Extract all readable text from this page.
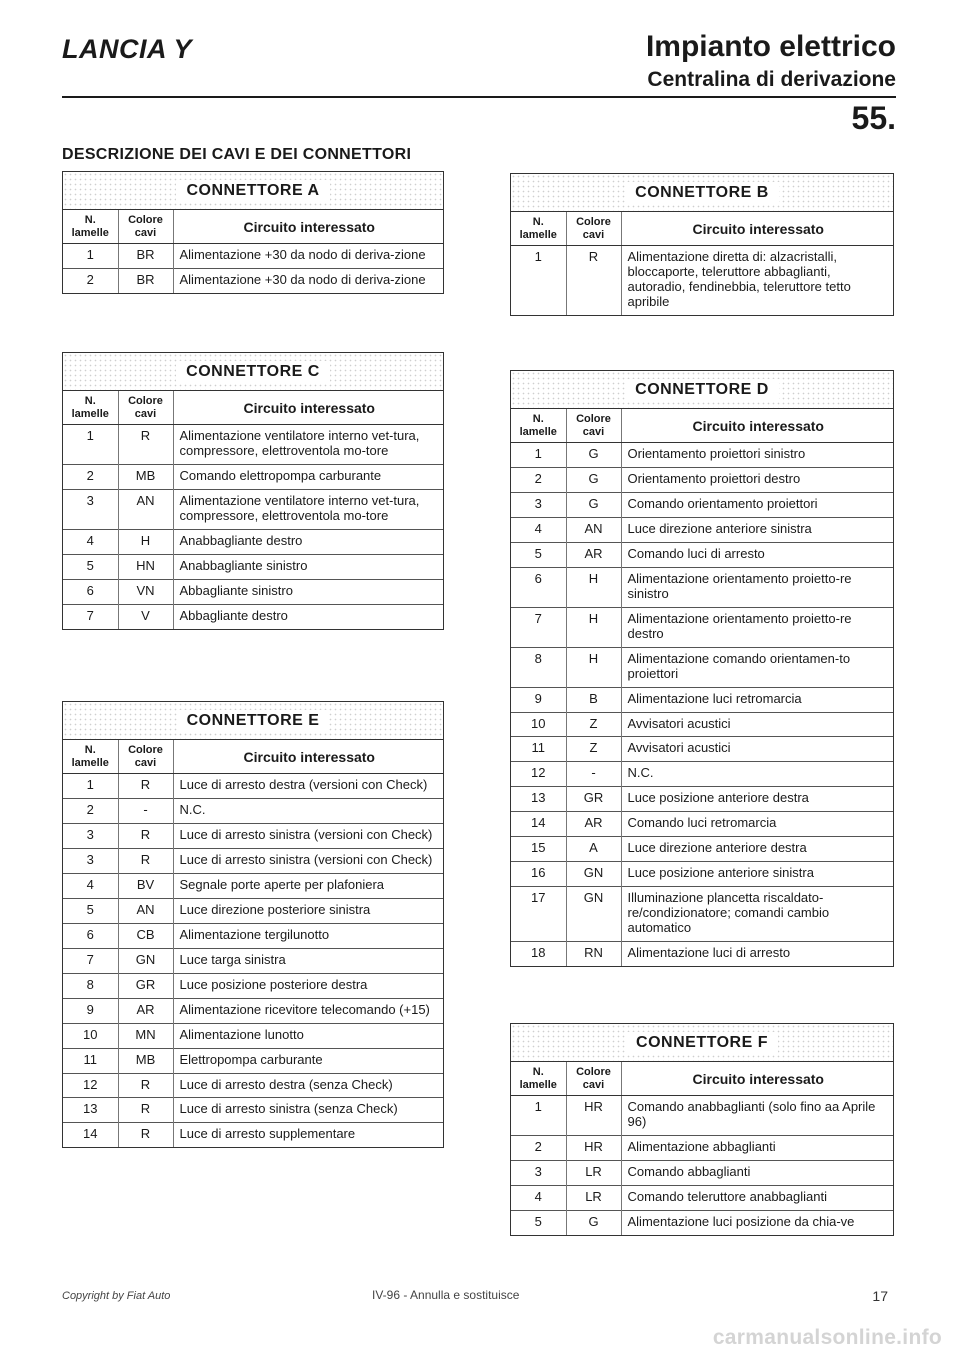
LANCIA Y	Impianto elettrico
Centralina di derivazione
55.
DESCRIZIONE DEI CAVI E DEI CONNETTORI
CONNETTORE A
N. lamelle	Colore cavi	Circuito interessato
1	BR	Alimentazione +30 da nodo di deriva-zione
2	BR	Alimentazione +30 da nodo di deriva-zione
CONNETTORE C
N. lamelle	Colore cavi	Circuito interessato
1	R	Alimentazione ventilatore interno vet-tura, compressore, elettroventola mo-tore
2	MB	Comando elettropompa carburante
3	AN	Alimentazione ventilatore interno vet-tura, compressore, elettroventola mo-tore
4	H	Anabbagliante destro
5	HN	Anabbagliante sinistro
6	VN	Abbagliante sinistro
7	V	Abbagliante destro
CONNETTORE E
N. lamelle	Colore cavi	Circuito interessato
1	R	Luce di arresto destra (versioni con Check)
2	-	N.C.
3	R	Luce di arresto sinistra (versioni con Check)
3	R	Luce di arresto sinistra (versioni con Check)
4	BV	Segnale porte aperte per plafoniera
5	AN	Luce direzione posteriore sinistra
6	CB	Alimentazione tergilunotto
7	GN	Luce targa sinistra
8	GR	Luce posizione posteriore destra
9	AR	Alimentazione ricevitore telecomando (+15)
10	MN	Alimentazione lunotto
11	MB	Elettropompa carburante
12	R	Luce di arresto destra (senza Check)
13	R	Luce di arresto sinistra (senza Check)
14	R	Luce di arresto supplementare
CONNETTORE B
N. lamelle	Colore cavi	Circuito interessato
1	R	Alimentazione diretta di: alzacristalli, bloccaporte, teleruttore abbaglianti, autoradio, fendinebbia, teleruttore tetto apribile
CONNETTORE D
N. lamelle	Colore cavi	Circuito interessato
1	G	Orientamento proiettori sinistro
2	G	Orientamento proiettori destro
3	G	Comando orientamento proiettori
4	AN	Luce direzione anteriore sinistra
5	AR	Comando luci di arresto
6	H	Alimentazione orientamento proietto-re sinistro
7	H	Alimentazione orientamento proietto-re destro
8	H	Alimentazione comando orientamen-to proiettori
9	B	Alimentazione luci retromarcia
10	Z	Avvisatori acustici
11	Z	Avvisatori acustici
12	-	N.C.
13	GR	Luce posizione anteriore destra
14	AR	Comando luci retromarcia
15	A	Luce direzione anteriore destra
16	GN	Luce posizione anteriore sinistra
17	GN	Illuminazione plancetta riscaldato-re/condizionatore; comandi cambio automatico
18	RN	Alimentazione luci di arresto
CONNETTORE F
N. lamelle	Colore cavi	Circuito interessato
1	HR	Comando anabbaglianti (solo fino aa Aprile 96)
2	HR	Alimentazione abbaglianti
3	LR	Comando abbaglianti
4	LR	Comando teleruttore anabbaglianti
5	G	Alimentazione luci posizione da chia-ve
Copyright by Fiat Auto	IV-96 - Annulla e sostituisce	17
carmanualsonline.info
